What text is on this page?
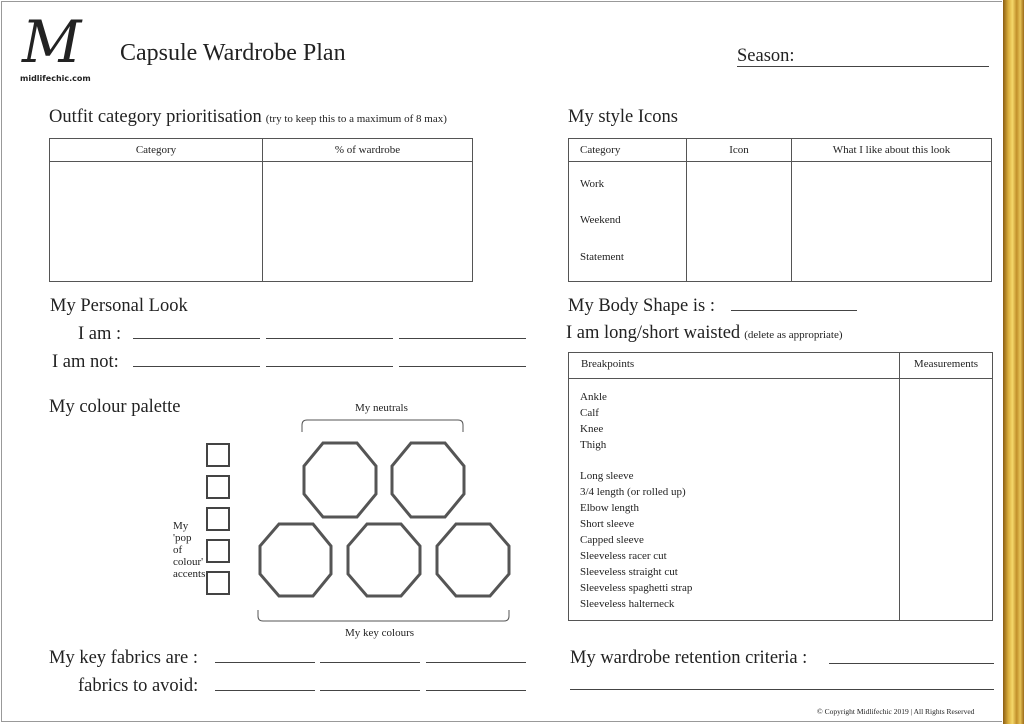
M
midlifechic.com
Capsule Wardrobe Plan	Season:
Outfit category prioritisation (try to keep this to a maximum of 8 max)
Category	% of wardrobe

My style Icons
Category	Icon	What I like about this look

Work
Weekend
Statement		

My Personal Look
I am :
I am not:
My Body Shape is :
I am long/short waisted (delete as appropriate)
Breakpoints	Measurements

Ankle
Calf
Knee
Thigh
Long sleeve
3/4 length (or rolled up)
Elbow length
Short sleeve
Capped sleeve
Sleeveless racer cut
Sleeveless straight cut
Sleeveless spaghetti strap
Sleeveless halterneck
My colour palette	My neutrals
My key colours
My 'pop of colour' accents
My key fabrics are :
fabrics to avoid:
My wardrobe retention criteria :
© Copyright Midlifechic 2019 | All Rights Reserved
